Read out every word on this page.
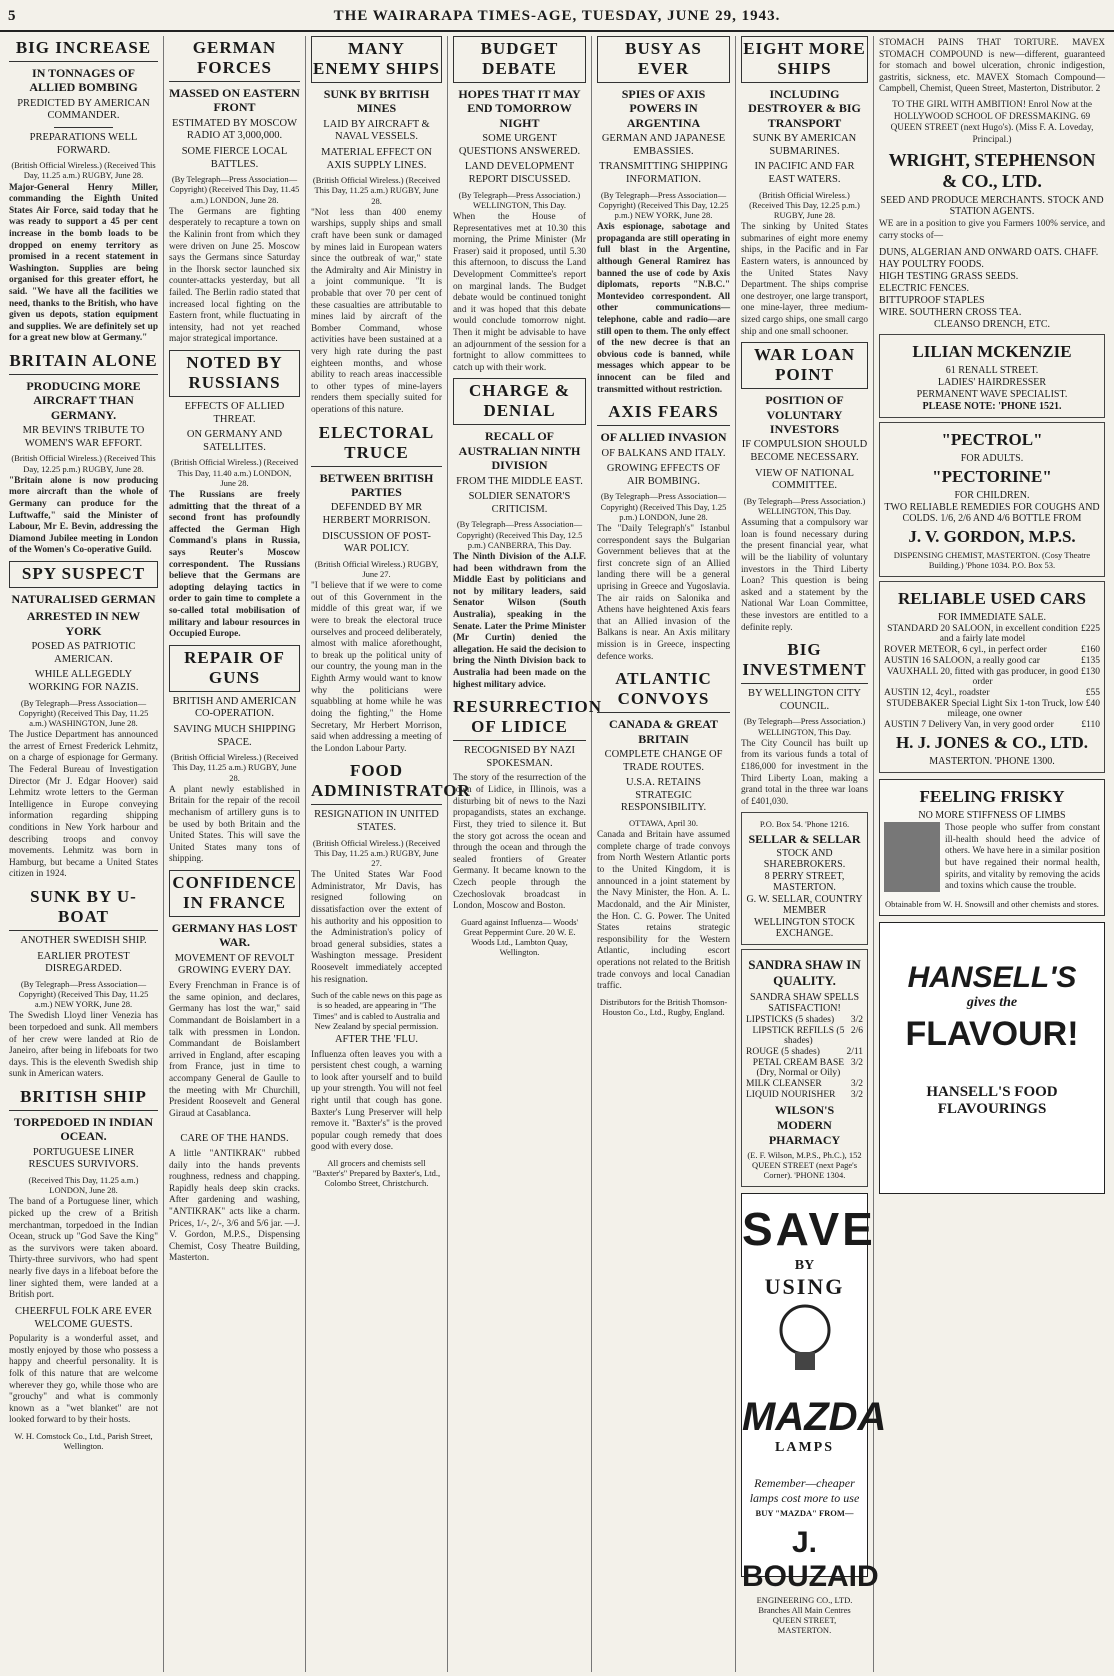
5	THE WAIRARAPA TIMES-AGE, TUESDAY, JUNE 29, 1943.
BIG INCREASE
IN TONNAGES OF ALLIED BOMBING
PREDICTED BY AMERICAN COMMANDER.
PREPARATIONS WELL FORWARD.
(British Official Wireless.) (Received This Day, 11.25 a.m.) RUGBY, June 28.
Major-General Henry Miller, commanding the Eighth United States Air Force, said today that he was ready to support a 45 per cent increase in the bomb loads to be dropped on enemy territory as promised in a recent statement in Washington. Supplies are being organised for this greater effort, he said. "We have all the facilities we need, thanks to the British, who have given us depots, station equipment and supplies. We are definitely set up for a great new blow at Germany."
BRITAIN ALONE
PRODUCING MORE AIRCRAFT THAN GERMANY.
MR BEVIN'S TRIBUTE TO WOMEN'S WAR EFFORT.
(British Official Wireless.) (Received This Day, 12.25 p.m.) RUGBY, June 28.
"Britain alone is now producing more aircraft than the whole of Germany can produce for the Luftwaffe," said the Minister of Labour, Mr E. Bevin, addressing the Diamond Jubilee meeting in London of the Women's Co-operative Guild.
SPY SUSPECT
NATURALISED GERMAN
ARRESTED IN NEW YORK
POSED AS PATRIOTIC AMERICAN.
WHILE ALLEGEDLY WORKING FOR NAZIS.
(By Telegraph—Press Association—Copyright) (Received This Day, 11.25 a.m.) WASHINGTON, June 28.
The Justice Department has announced the arrest of Ernest Frederick Lehmitz, on a charge of espionage for Germany. The Federal Bureau of Investigation Director (Mr J. Edgar Hoover) said Lehmitz wrote letters to the German Intelligence in Europe conveying information regarding shipping conditions in New York harbour and describing troops and convoy movements. Lehmitz was born in Hamburg, but became a United States citizen in 1924.
SUNK BY U-BOAT
ANOTHER SWEDISH SHIP.
EARLIER PROTEST DISREGARDED.
(By Telegraph—Press Association—Copyright) (Received This Day, 11.25 a.m.) NEW YORK, June 28.
The Swedish Lloyd liner Venezia has been torpedoed and sunk. All members of her crew were landed at Rio de Janeiro, after being in lifeboats for two days. This is the eleventh Swedish ship sunk in American waters.
BRITISH SHIP
TORPEDOED IN INDIAN OCEAN.
PORTUGUESE LINER RESCUES SURVIVORS.
(Received This Day, 11.25 a.m.) LONDON, June 28.
The band of a Portuguese liner, which picked up the crew of a British merchantman, torpedoed in the Indian Ocean, struck up "God Save the King" as the survivors were taken aboard. Thirty-three survivors, who had spent nearly five days in a lifeboat before the liner sighted them, were landed at a British port.
CHEERFUL FOLK ARE EVER WELCOME GUESTS.
Popularity is a wonderful asset, and mostly enjoyed by those who possess a happy and cheerful personality. It is folk of this nature that are welcome wherever they go, while those who are "grouchy" and what is commonly known as a "wet blanket" are not looked forward to by their hosts.
W. H. Comstock Co., Ltd., Parish Street, Wellington.
GERMAN FORCES
MASSED ON EASTERN FRONT
ESTIMATED BY MOSCOW RADIO AT 3,000,000.
SOME FIERCE LOCAL BATTLES.
(By Telegraph—Press Association—Copyright) (Received This Day, 11.45 a.m.) LONDON, June 28.
The Germans are fighting desperately to recapture a town on the Kalinin front from which they were driven on June 25. Moscow says the Germans since Saturday in the Ihorsk sector launched six counter-attacks yesterday, but all failed. The Berlin radio stated that increased local fighting on the Eastern front, while fluctuating in intensity, had not yet reached major strategical importance.
NOTED BY RUSSIANS
EFFECTS OF ALLIED THREAT.
ON GERMANY AND SATELLITES.
(British Official Wireless.) (Received This Day, 11.40 a.m.) LONDON, June 28.
The Russians are freely admitting that the threat of a second front has profoundly affected the German High Command's plans in Russia, says Reuter's Moscow correspondent. The Russians believe that the Germans are adopting delaying tactics in order to gain time to complete a so-called total mobilisation of military and labour resources in Occupied Europe.
REPAIR OF GUNS
BRITISH AND AMERICAN CO-OPERATION.
SAVING MUCH SHIPPING SPACE.
(British Official Wireless.) (Received This Day, 11.25 a.m.) RUGBY, June 28.
A plant newly established in Britain for the repair of the recoil mechanism of artillery guns is to be used by both Britain and the United States. This will save the United States many tons of shipping.
CONFIDENCE IN FRANCE
GERMANY HAS LOST WAR.
MOVEMENT OF REVOLT GROWING EVERY DAY.
Every Frenchman in France is of the same opinion, and declares, Germany has lost the war," said Commandant de Boislambert in a talk with pressmen in London. Commandant de Boislambert arrived in England, after escaping from France, just in time to accompany General de Gaulle to the meeting with Mr Churchill, President Roosevelt and General Giraud at Casablanca.
CARE OF THE HANDS.
A little "ANTIKRAK" rubbed daily into the hands prevents roughness, redness and chapping. Rapidly heals deep skin cracks. After gardening and washing, "ANTIKRAK" acts like a charm. Prices, 1/-, 2/-, 3/6 and 5/6 jar. —J. V. Gordon, M.P.S., Dispensing Chemist, Cosy Theatre Building, Masterton.
MANY ENEMY SHIPS
SUNK BY BRITISH MINES
LAID BY AIRCRAFT & NAVAL VESSELS.
MATERIAL EFFECT ON AXIS SUPPLY LINES.
(British Official Wireless.) (Received This Day, 11.25 a.m.) RUGBY, June 28.
"Not less than 400 enemy warships, supply ships and small craft have been sunk or damaged by mines laid in European waters since the outbreak of war," state the Admiralty and Air Ministry in a joint communique. "It is probable that over 70 per cent of these casualties are attributable to mines laid by aircraft of the Bomber Command, whose activities have been sustained at a very high rate during the past eighteen months, and whose ability to reach areas inaccessible to other types of mine-layers renders them specially suited for operations of this nature.
ELECTORAL TRUCE
BETWEEN BRITISH PARTIES
DEFENDED BY MR HERBERT MORRISON.
DISCUSSION OF POST-WAR POLICY.
(British Official Wireless.) RUGBY, June 27.
"I believe that if we were to come out of this Government in the middle of this great war, if we were to break the electoral truce ourselves and proceed deliberately, almost with malice aforethought, to break up the political unity of our country, the young man in the Eighth Army would want to know why the politicians were squabbling at home while he was doing the fighting," the Home Secretary, Mr Herbert Morrison, said when addressing a meeting of the London Labour Party.
FOOD ADMINISTRATOR
RESIGNATION IN UNITED STATES.
(British Official Wireless.) (Received This Day, 11.25 a.m.) RUGBY, June 27.
The United States War Food Administrator, Mr Davis, has resigned following on dissatisfaction over the extent of his authority and his opposition to the Administration's policy of broad general subsidies, states a Washington message. President Roosevelt immediately accepted his resignation.
Such of the cable news on this page as is so headed, are appearing in "The Times" and is cabled to Australia and New Zealand by special permission.
AFTER THE 'FLU.
Influenza often leaves you with a persistent chest cough, a warning to look after yourself and to build up your strength. You will not feel right until that cough has gone. Baxter's Lung Preserver will help remove it. "Baxter's" is the proved popular cough remedy that does good with every dose.
All grocers and chemists sell "Baxter's" Prepared by Baxter's, Ltd., Colombo Street, Christchurch.
BUDGET DEBATE
HOPES THAT IT MAY END TOMORROW NIGHT
SOME URGENT QUESTIONS ANSWERED.
LAND DEVELOPMENT REPORT DISCUSSED.
(By Telegraph—Press Association.) WELLINGTON, This Day.
When the House of Representatives met at 10.30 this morning, the Prime Minister (Mr Fraser) said it proposed, until 5.30 this afternoon, to discuss the Land Development Committee's report on marginal lands. The Budget debate would be continued tonight and it was hoped that this debate would conclude tomorrow night. Then it might be advisable to have an adjournment of the session for a fortnight to allow committees to catch up with their work.
CHARGE & DENIAL
RECALL OF AUSTRALIAN NINTH DIVISION
FROM THE MIDDLE EAST.
SOLDIER SENATOR'S CRITICISM.
(By Telegraph—Press Association—Copyright) (Received This Day, 12.5 p.m.) CANBERRA, This Day.
The Ninth Division of the A.I.F. had been withdrawn from the Middle East by politicians and not by military leaders, said Senator Wilson (South Australia), speaking in the Senate. Later the Prime Minister (Mr Curtin) denied the allegation. He said the decision to bring the Ninth Division back to Australia had been made on the highest military advice.
RESURRECTION OF LIDICE
RECOGNISED BY NAZI SPOKESMAN.
The story of the resurrection of the town of Lidice, in Illinois, was a disturbing bit of news to the Nazi propagandists, states an exchange. First, they tried to silence it. But the story got across the ocean and through the ocean and through the sealed frontiers of Greater Germany. It became known to the Czech people through the Czechoslovak broadcast in London, Moscow and Boston.
Guard against Influenza— Woods' Great Peppermint Cure. 20 W. E. Woods Ltd., Lambton Quay, Wellington.
BUSY AS EVER
SPIES OF AXIS POWERS IN ARGENTINA
GERMAN AND JAPANESE EMBASSIES.
TRANSMITTING SHIPPING INFORMATION.
(By Telegraph—Press Association—Copyright) (Received This Day, 12.25 p.m.) NEW YORK, June 28.
Axis espionage, sabotage and propaganda are still operating in full blast in the Argentine, although General Ramirez has banned the use of code by Axis diplomats, reports "N.B.C." Montevideo correspondent. All other communications—telephone, cable and radio—are still open to them. The only effect of the new decree is that an obvious code is banned, while messages which appear to be innocent can be filed and transmitted without restriction.
AXIS FEARS
OF ALLIED INVASION
OF BALKANS AND ITALY.
GROWING EFFECTS OF AIR BOMBING.
(By Telegraph—Press Association—Copyright) (Received This Day, 1.25 p.m.) LONDON, June 28.
The "Daily Telegraph's" Istanbul correspondent says the Bulgarian Government believes that at the first concrete sign of an Allied landing there will be a general uprising in Greece and Yugoslavia. The air raids on Salonika and Athens have heightened Axis fears that an Allied invasion of the Balkans is near. An Axis military mission is in Greece, inspecting defence works.
ATLANTIC CONVOYS
CANADA & GREAT BRITAIN
COMPLETE CHANGE OF TRADE ROUTES.
U.S.A. RETAINS STRATEGIC RESPONSIBILITY.
OTTAWA, April 30.
Canada and Britain have assumed complete charge of trade convoys from North Western Atlantic ports to the United Kingdom, it is announced in a joint statement by the Navy Minister, the Hon. A. L. Macdonald, and the Air Minister, the Hon. C. G. Power. The United States retains strategic responsibility for the Western Atlantic, including escort operations not related to the British trade convoys and local Canadian traffic.
Distributors for the British Thomson-Houston Co., Ltd., Rugby, England.
EIGHT MORE SHIPS
INCLUDING DESTROYER & BIG TRANSPORT
SUNK BY AMERICAN SUBMARINES.
IN PACIFIC AND FAR EAST WATERS.
(British Official Wireless.) (Received This Day, 12.25 p.m.) RUGBY, June 28.
The sinking by United States submarines of eight more enemy ships, in the Pacific and in Far Eastern waters, is announced by the United States Navy Department. The ships comprise one destroyer, one large transport, one mine-layer, three medium-sized cargo ships, one small cargo ship and one small schooner.
WAR LOAN POINT
POSITION OF VOLUNTARY INVESTORS
IF COMPULSION SHOULD BECOME NECESSARY.
VIEW OF NATIONAL COMMITTEE.
(By Telegraph—Press Association.) WELLINGTON, This Day.
Assuming that a compulsory war loan is found necessary during the present financial year, what will be the liability of voluntary investors in the Third Liberty Loan? This question is being asked and a statement by the National War Loan Committee, these investors are entitled to a definite reply.
BIG INVESTMENT
BY WELLINGTON CITY COUNCIL.
(By Telegraph—Press Association.) WELLINGTON, This Day.
The City Council has built up from its various funds a total of £186,000 for investment in the Third Liberty Loan, making a grand total in the three war loans of £401,030.
P.O. Box 54. 'Phone 1216.
SELLAR & SELLAR
STOCK AND SHAREBROKERS.
8 PERRY STREET, MASTERTON.
G. W. SELLAR, COUNTRY MEMBER
WELLINGTON STOCK EXCHANGE.
SANDRA SHAW IN QUALITY.
SANDRA SHAW SPELLS SATISFACTION!
LIPSTICKS (5 shades) 3/2
LIPSTICK REFILLS (5 shades)
2/6
ROUGE (5 shades)	2/11
PETAL CREAM BASE (Dry, Normal or Oily)
3/2
MILK CLEANSER	3/2
LIQUID NOURISHER 3/2
WILSON'S MODERN PHARMACY
(E. F. Wilson, M.P.S., Ph.C.), 152 QUEEN STREET (next Page's Corner). 'PHONE 1304.
SAVE
BY
USING
MAZDA
LAMPS
Remember—cheaper lamps cost more to use
BUY "MAZDA" FROM—
J. BOUZAID
ENGINEERING CO., LTD. Branches All Main Centres QUEEN STREET, MASTERTON.
STOMACH PAINS THAT TORTURE. MAVEX STOMACH COMPOUND is new—different, guaranteed for stomach and bowel ulceration, chronic indigestion, gastritis, sickness, etc. MAVEX Stomach Compound—Campbell, Chemist, Queen Street, Masterton, Distributor. 2
TO THE GIRL WITH AMBITION! Enrol Now at the HOLLYWOOD SCHOOL OF DRESSMAKING. 69 QUEEN STREET (next Hugo's). (Miss F. A. Loveday, Principal.)
WRIGHT, STEPHENSON & CO., LTD.
SEED AND PRODUCE MERCHANTS. STOCK AND STATION AGENTS.
WE are in a position to give you Farmers 100% service, and carry stocks of—
DUNS, ALGERIAN AND ONWARD OATS. CHAFF.
HAY POULTRY FOODS.
HIGH TESTING GRASS SEEDS.
ELECTRIC FENCES.
BITTUPROOF STAPLES
WIRE. SOUTHERN CROSS TEA.
CLEANSO DRENCH, ETC.
LILIAN MCKENZIE
61 RENALL STREET.
LADIES' HAIRDRESSER
PERMANENT WAVE SPECIALIST.
PLEASE NOTE: 'PHONE 1521.
"PECTROL"
FOR ADULTS.
"PECTORINE"
FOR CHILDREN.
TWO RELIABLE REMEDIES FOR COUGHS AND COLDS. 1/6, 2/6 AND 4/6 BOTTLE FROM
J. V. GORDON, M.P.S.
DISPENSING CHEMIST, MASTERTON. (Cosy Theatre Building.) 'Phone 1034. P.O. Box 53.
RELIABLE USED CARS
FOR IMMEDIATE SALE.
STANDARD 20 SALOON, in excellent condition and a fairly late model
£225
ROVER METEOR, 6 cyl., in perfect order	£160
AUSTIN 16 SALOON, a really good car	£135
VAUXHALL 20, fitted with gas producer, in good order
£130
AUSTIN 12, 4cyl., roadster	£55
STUDEBAKER Special Light Six 1-ton Truck, low mileage, one owner
£40
AUSTIN 7 Delivery Van, in very good order	£110
H. J. JONES & CO., LTD.
MASTERTON. 'PHONE 1300.
FEELING FRISKY
NO MORE STIFFNESS OF LIMBS
Those people who suffer from constant ill-health should heed the advice of others. We have here in a similar position but have regained their normal health, spirits, and vitality by removing the acids and toxins which cause the trouble.
Obtainable from W. H. Snowsill and other chemists and stores.
HANSELL'S
gives the
FLAVOUR!
HANSELL'S FOOD FLAVOURINGS
